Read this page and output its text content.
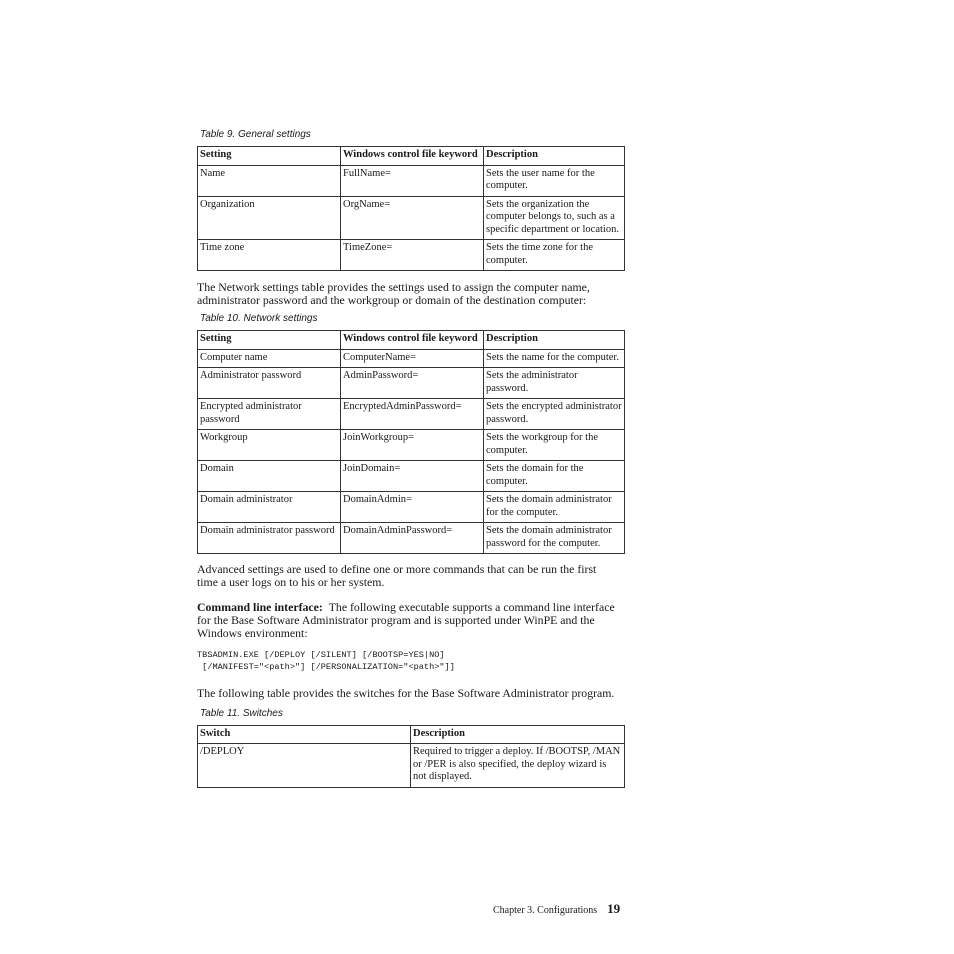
Table 9. General settings
Setting	Windows control file keyword	Description
Name	FullName=	Sets the user name for the computer.
Organization	OrgName=	Sets the organization the computer belongs to, such as a specific department or location.
Time zone	TimeZone=	Sets the time zone for the computer.

The Network settings table provides the settings used to assign the computer name, administrator password and the workgroup or domain of the destination computer:

Table 10. Network settings
Setting	Windows control file keyword	Description
Computer name	ComputerName=	Sets the name for the computer.
Administrator password	AdminPassword=	Sets the administrator password.
Encrypted administrator password	EncryptedAdminPassword=	Sets the encrypted administrator password.
Workgroup	JoinWorkgroup=	Sets the workgroup for the computer.
Domain	JoinDomain=	Sets the domain for the computer.
Domain administrator	DomainAdmin=	Sets the domain administrator for the computer.
Domain administrator password	DomainAdminPassword=	Sets the domain administrator password for the computer.

Advanced settings are used to define one or more commands that can be run the first time a user logs on to his or her system.

Command line interface: The following executable supports a command line interface for the Base Software Administrator program and is supported under WinPE and the Windows environment:

TBSADMIN.EXE [/DEPLOY [/SILENT] [/BOOTSP=YES|NO]
[/MANIFEST="<path>"] [/PERSONALIZATION="<path>"]]

The following table provides the switches for the Base Software Administrator program.

Table 11. Switches
Switch	Description
/DEPLOY	Required to trigger a deploy. If /BOOTSP, /MAN or /PER is also specified, the deploy wizard is not displayed.
Chapter 3. Configurations 19
